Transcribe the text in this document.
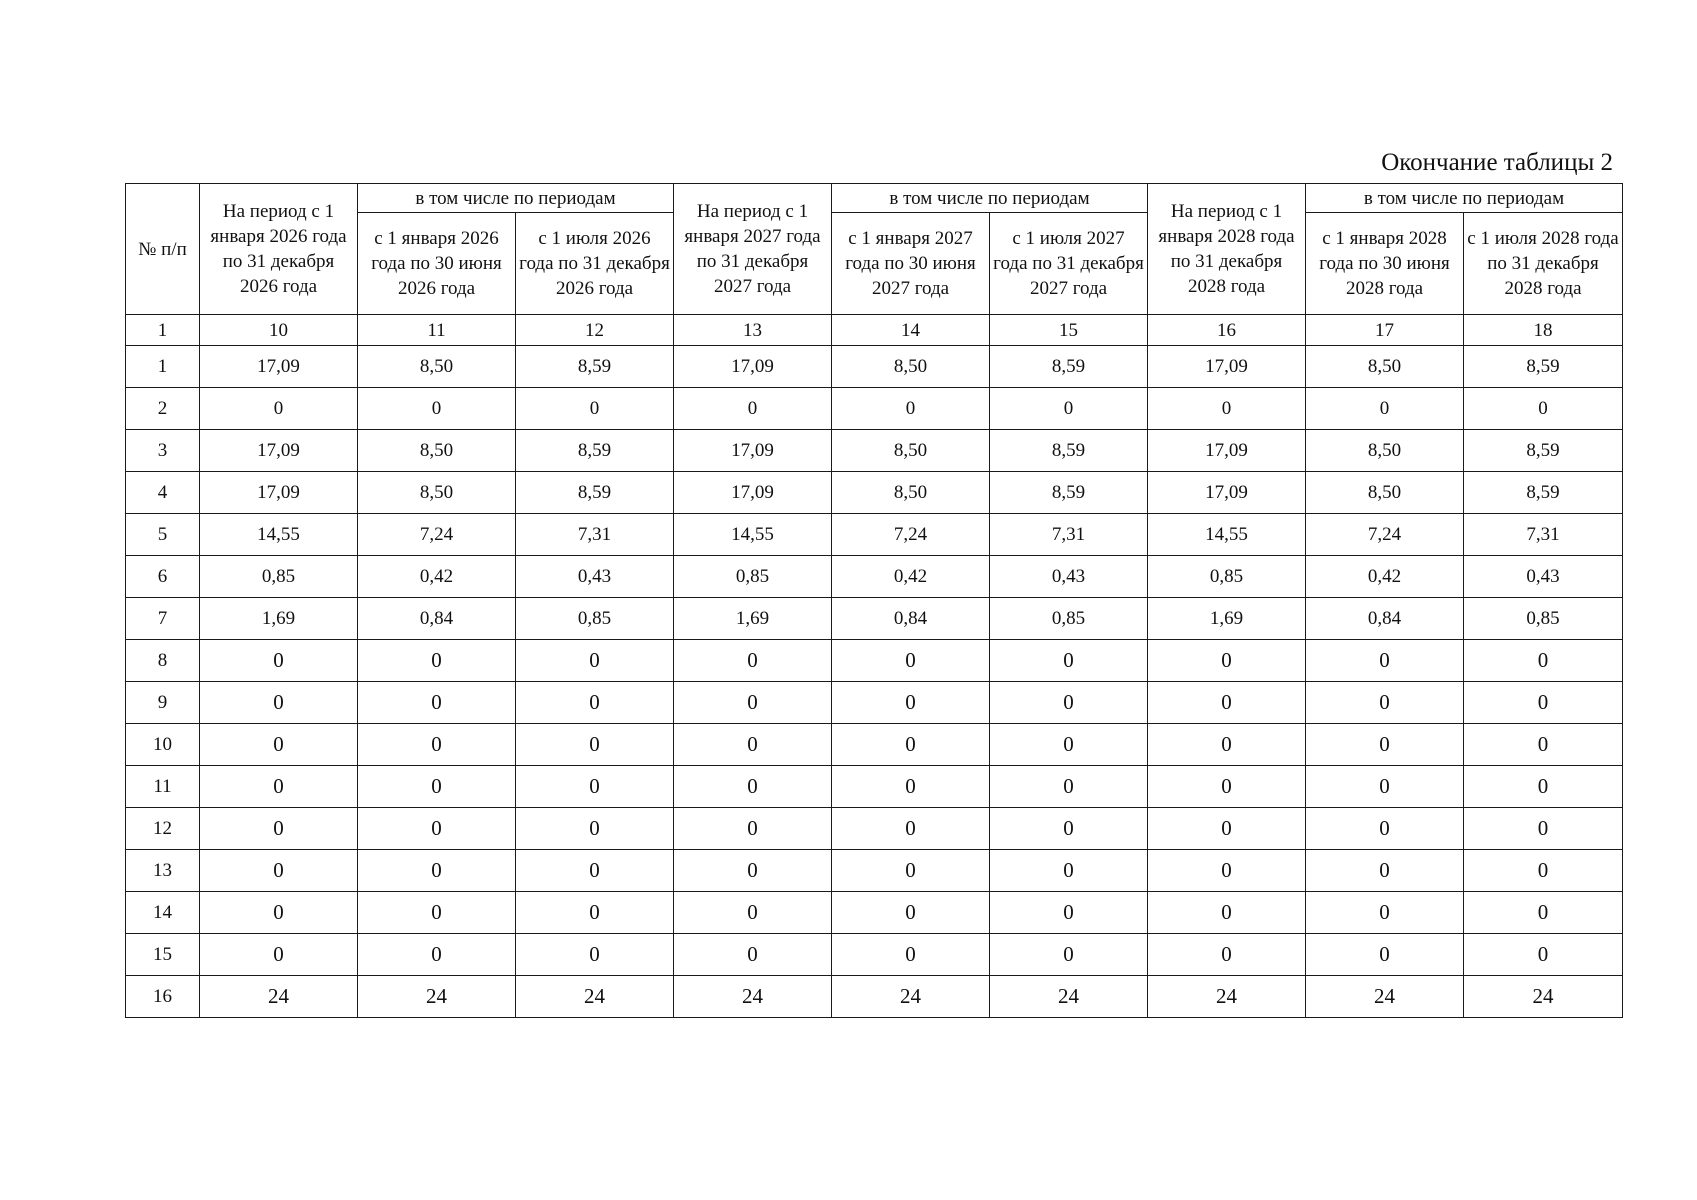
Окончание таблицы 2
№ п/п	На период с 1 января 2026 года по 31 декабря 2026 года	в том числе по периодам		На период с 1 января 2027 года по 31 декабря 2027 года	в том числе по периодам		На период с 1 января 2028 года по 31 декабря 2028 года	в том числе по периодам	
		с 1 января 2026 года по 30 июня 2026 года	с 1 июля 2026 года по 31 декабря 2026 года		с 1 января 2027 года по 30 июня 2027 года	с 1 июля 2027 года по 31 декабря 2027 года		с 1 января 2028 года по 30 июня 2028 года	с 1 июля 2028 года по 31 декабря 2028 года
1	10	11	12	13	14	15	16	17	18
1	17,09	8,50	8,59	17,09	8,50	8,59	17,09	8,50	8,59
2	0	0	0	0	0	0	0	0	0
3	17,09	8,50	8,59	17,09	8,50	8,59	17,09	8,50	8,59
4	17,09	8,50	8,59	17,09	8,50	8,59	17,09	8,50	8,59
5	14,55	7,24	7,31	14,55	7,24	7,31	14,55	7,24	7,31
6	0,85	0,42	0,43	0,85	0,42	0,43	0,85	0,42	0,43
7	1,69	0,84	0,85	1,69	0,84	0,85	1,69	0,84	0,85
8	0	0	0	0	0	0	0	0	0
9	0	0	0	0	0	0	0	0	0
10	0	0	0	0	0	0	0	0	0
11	0	0	0	0	0	0	0	0	0
12	0	0	0	0	0	0	0	0	0
13	0	0	0	0	0	0	0	0	0
14	0	0	0	0	0	0	0	0	0
15	0	0	0	0	0	0	0	0	0
16	24	24	24	24	24	24	24	24	24
